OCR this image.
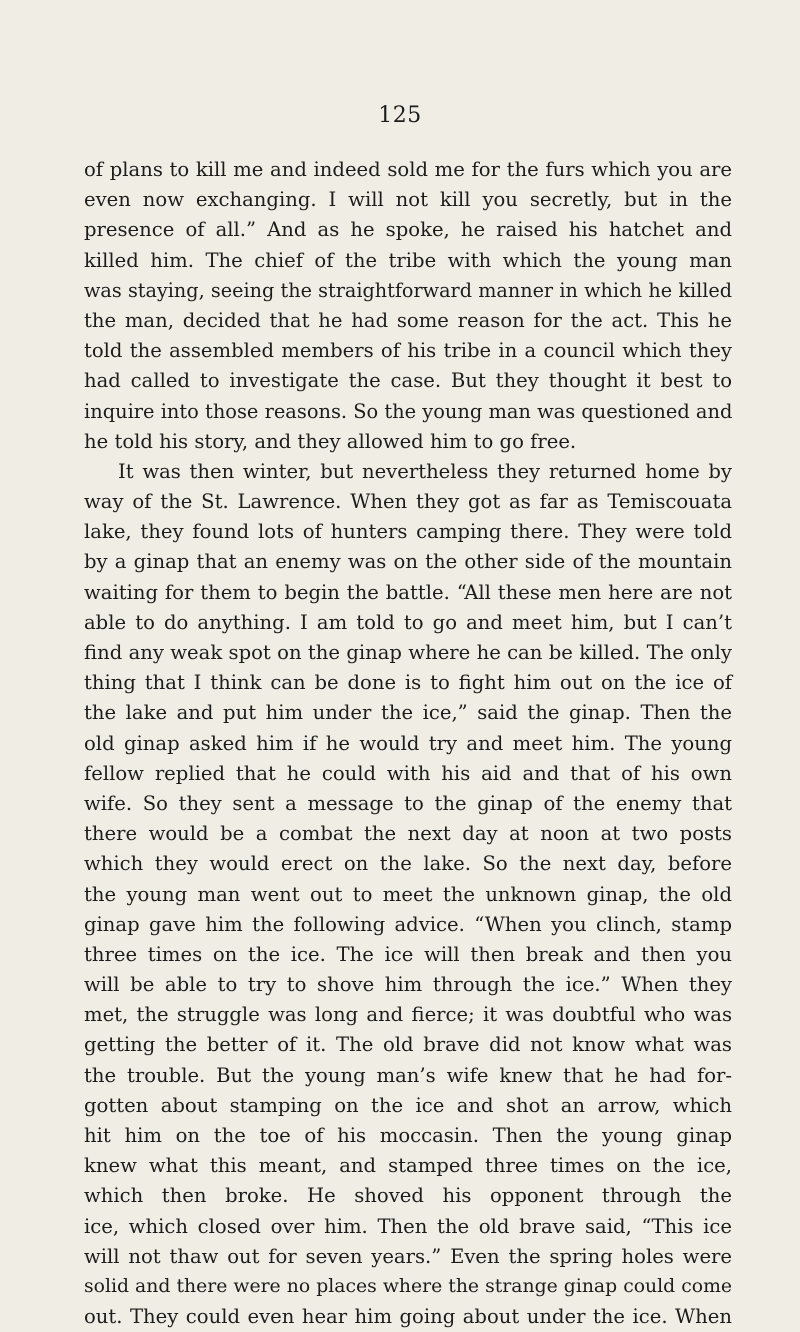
125
of plans to kill me and indeed sold me for the furs which you are
even now exchanging. I will not kill you secretly, but in the
presence of all.” And as he spoke, he raised his hatchet and
killed him. The chief of the tribe with which the young man
was staying, seeing the straightforward manner in which he killed
the man, decided that he had some reason for the act. This he
told the assembled members of his tribe in a council which they
had called to investigate the case. But they thought it best to
inquire into those reasons. So the young man was questioned and
he told his story, and they allowed him to go free.
It was then winter, but nevertheless they returned home by
way of the St. Lawrence. When they got as far as Temiscouata
lake, they found lots of hunters camping there. They were told
by a ginap that an enemy was on the other side of the mountain
waiting for them to begin the battle. “All these men here are not
able to do anything. I am told to go and meet him, but I can’t
find any weak spot on the ginap where he can be killed. The only
thing that I think can be done is to fight him out on the ice of
the lake and put him under the ice,” said the ginap. Then the
old ginap asked him if he would try and meet him. The young
fellow replied that he could with his aid and that of his own
wife. So they sent a message to the ginap of the enemy that
there would be a combat the next day at noon at two posts
which they would erect on the lake. So the next day, before
the young man went out to meet the unknown ginap, the old
ginap gave him the following advice. “When you clinch, stamp
three times on the ice. The ice will then break and then you
will be able to try to shove him through the ice.” When they
met, the struggle was long and fierce; it was doubtful who was
getting the better of it. The old brave did not know what was
the trouble. But the young man’s wife knew that he had for-
gotten about stamping on the ice and shot an arrow, which
hit him on the toe of his moccasin. Then the young ginap
knew what this meant, and stamped three times on the ice,
which then broke. He shoved his opponent through the
ice, which closed over him. Then the old brave said, “This ice
will not thaw out for seven years.” Even the spring holes were
solid and there were no places where the strange ginap could come
out. They could even hear him going about under the ice. When
